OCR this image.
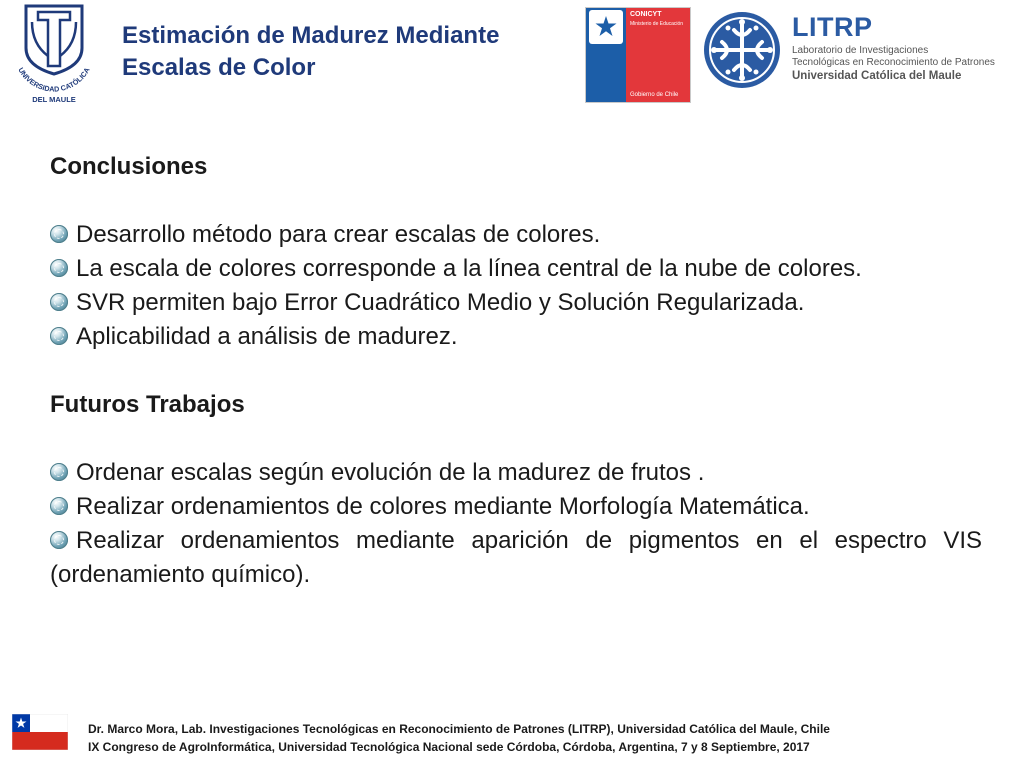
UNIVERSIDAD CATÓLICA
DEL MAULE
Estimación de Madurez Mediante
Escalas de Color
CONICYT
Ministerio de Educación
Gobierno de Chile
LITRP
Laboratorio de Investigaciones
Tecnológicas en Reconocimiento de Patrones
Universidad Católica del Maule

Conclusiones

Desarrollo método para crear escalas de colores.

La escala de colores corresponde a la línea central de la nube de colores.

SVR permiten bajo Error Cuadrático Medio y Solución Regularizada.

Aplicabilidad a análisis de madurez.

Futuros Trabajos

Ordenar escalas según evolución de la madurez de frutos .

Realizar ordenamientos de colores mediante Morfología Matemática.

Realizar ordenamientos mediante aparición de pigmentos en el espectro VIS (ordenamiento químico).

Dr. Marco Mora, Lab. Investigaciones Tecnológicas en Reconocimiento de Patrones (LITRP), Universidad Católica del Maule, Chile
IX Congreso de AgroInformática, Universidad Tecnológica Nacional sede Córdoba, Córdoba, Argentina, 7 y 8 Septiembre, 2017
